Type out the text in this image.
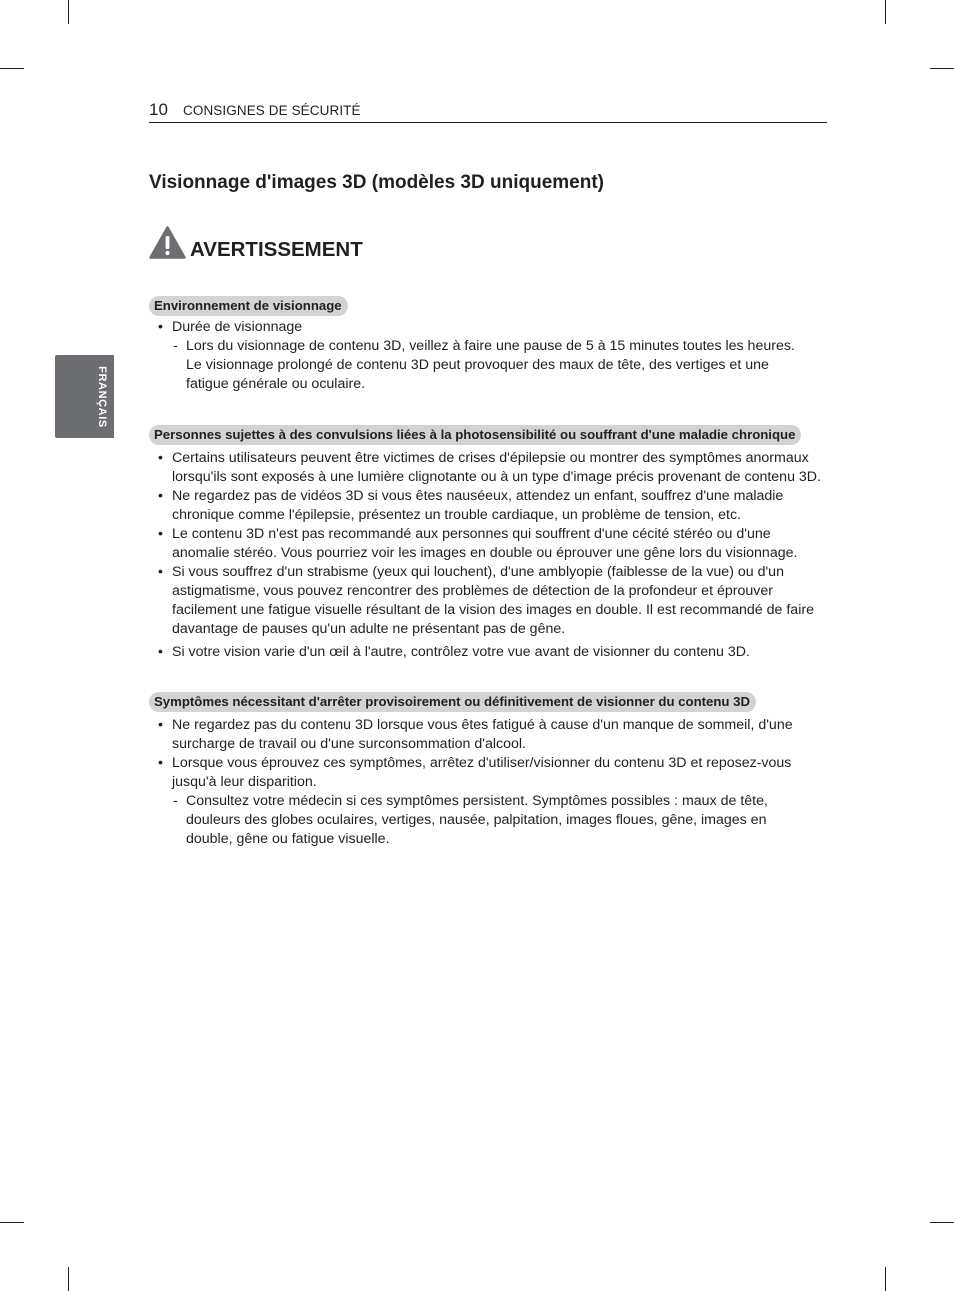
10 CONSIGNES DE SÉCURITÉ
FRANÇAIS
Visionnage d'images 3D (modèles 3D uniquement)
AVERTISSEMENT
Environnement de visionnage
• Durée de visionnage
- Lors du visionnage de contenu 3D, veillez à faire une pause de 5 à 15 minutes toutes les heures.
Le visionnage prolongé de contenu 3D peut provoquer des maux de tête, des vertiges et une
fatigue générale ou oculaire.
Personnes sujettes à des convulsions liées à la photosensibilité ou souffrant d'une maladie chronique
• Certains utilisateurs peuvent être victimes de crises d'épilepsie ou montrer des symptômes anormaux
lorsqu'ils sont exposés à une lumière clignotante ou à un type d'image précis provenant de contenu 3D.
• Ne regardez pas de vidéos 3D si vous êtes nauséeux, attendez un enfant, souffrez d'une maladie
chronique comme l'épilepsie, présentez un trouble cardiaque, un problème de tension, etc.
• Le contenu 3D n'est pas recommandé aux personnes qui souffrent d'une cécité stéréo ou d'une
anomalie stéréo. Vous pourriez voir les images en double ou éprouver une gêne lors du visionnage.
• Si vous souffrez d'un strabisme (yeux qui louchent), d'une amblyopie (faiblesse de la vue) ou d'un
astigmatisme, vous pouvez rencontrer des problèmes de détection de la profondeur et éprouver
facilement une fatigue visuelle résultant de la vision des images en double. Il est recommandé de faire
davantage de pauses qu'un adulte ne présentant pas de gêne.
• Si votre vision varie d'un œil à l'autre, contrôlez votre vue avant de visionner du contenu 3D.
Symptômes nécessitant d'arrêter provisoirement ou définitivement de visionner du contenu 3D
• Ne regardez pas du contenu 3D lorsque vous êtes fatigué à cause d'un manque de sommeil, d'une
surcharge de travail ou d'une surconsommation d'alcool.
• Lorsque vous éprouvez ces symptômes, arrêtez d'utiliser/visionner du contenu 3D et reposez-vous
jusqu'à leur disparition.
- Consultez votre médecin si ces symptômes persistent. Symptômes possibles : maux de tête,
douleurs des globes oculaires, vertiges, nausée, palpitation, images floues, gêne, images en
double, gêne ou fatigue visuelle.
